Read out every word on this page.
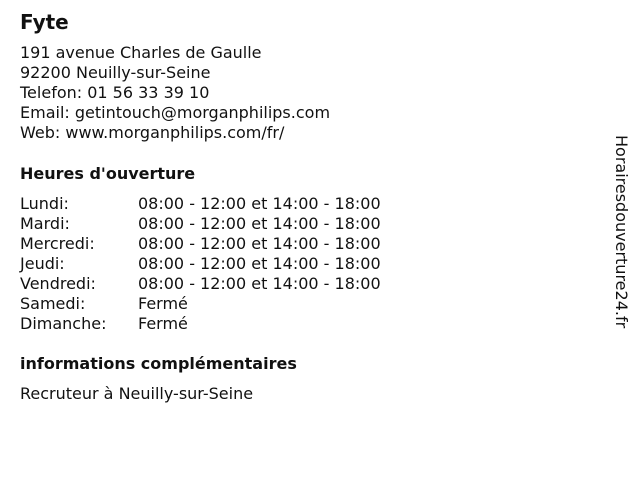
Fyte
191 avenue Charles de Gaulle
92200 Neuilly-sur-Seine
Telefon: 01 56 33 39 10
Email: getintouch@morganphilips.com
Web: www.morganphilips.com/fr/
Heures d'ouverture
Lundi:	08:00 - 12:00 et 14:00 - 18:00
Mardi:	08:00 - 12:00 et 14:00 - 18:00
Mercredi:	08:00 - 12:00 et 14:00 - 18:00
Jeudi:	08:00 - 12:00 et 14:00 - 18:00
Vendredi:	08:00 - 12:00 et 14:00 - 18:00
Samedi:	Fermé
Dimanche:	Fermé
informations complémentaires
Recruteur à Neuilly-sur-Seine
Horairesdouverture24.fr
